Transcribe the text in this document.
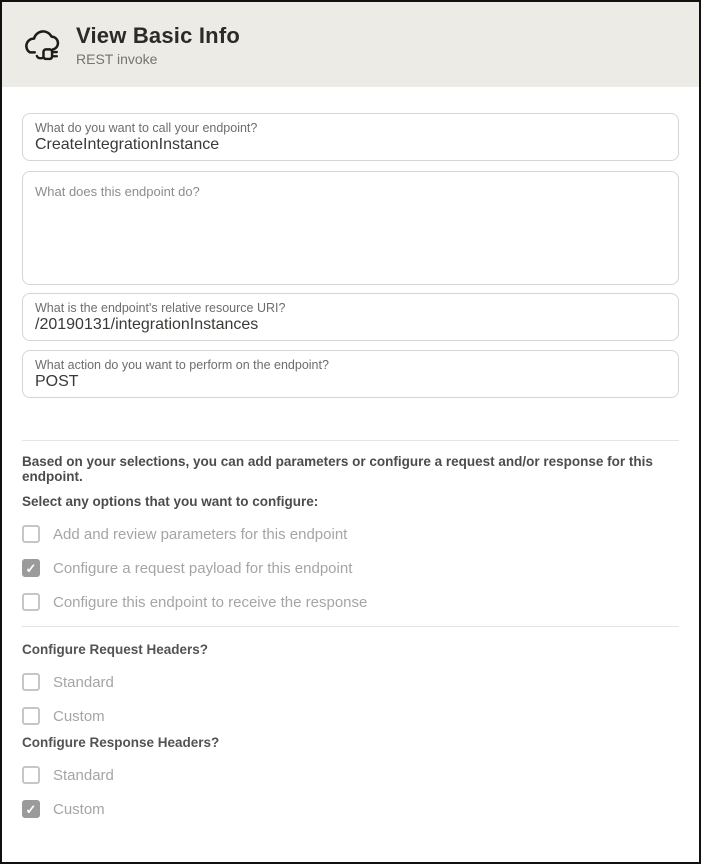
View Basic Info
REST invoke
What do you want to call your endpoint?
CreateIntegrationInstance
What does this endpoint do?
What is the endpoint's relative resource URI?
/20190131/integrationInstances
What action do you want to perform on the endpoint?
POST
Based on your selections, you can add parameters or configure a request and/or response for this endpoint.
Select any options that you want to configure:
Add and review parameters for this endpoint
✓ Configure a request payload for this endpoint
Configure this endpoint to receive the response
Configure Request Headers?
Standard
Custom
Configure Response Headers?
Standard
✓ Custom
